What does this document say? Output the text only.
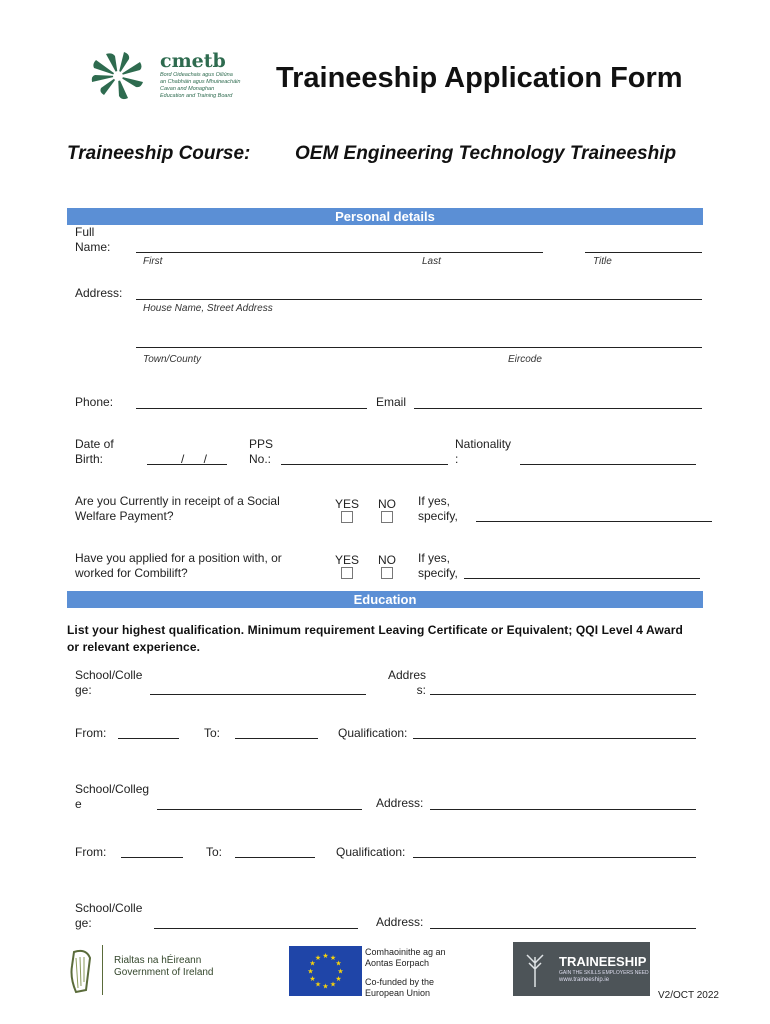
cmetb
Bord Oideachais agus Oiliúna
an Chabháin agus Mhuineacháin
Cavan and Monaghan
Education and Training Board
Traineeship Application Form
Traineeship Course: OEM Engineering Technology Traineeship
Personal details
Full Name:
First	Last	Title
Address:
House Name, Street Address
Town/County	Eircode
Phone:	Email
Date of Birth:	/ /
PPS No.:
Nationality :
Are you Currently in receipt of a Social Welfare Payment?
YES NO If yes, specify,
Have you applied for a position with, or worked for Combilift?
YES NO If yes, specify,
Education
List your highest qualification. Minimum requirement Leaving Certificate or Equivalent; QQI Level 4 Award or relevant experience.
School/College:
Address:
From:	To:	Qualification:
School/College	Address:
From:	To:	Qualification:
School/College:	Address:
Rialtas na hÉireann
Government of Ireland
★ ★
★
★
★
★
★
★
★
★
★
★
Comhaoinithe ag an
Aontas Eorpach
Co-funded by the
European Union
TRAINEESHIP
GAIN THE SKILLS EMPLOYERS NEED
www.traineeship.ie
V2/OCT 2022
